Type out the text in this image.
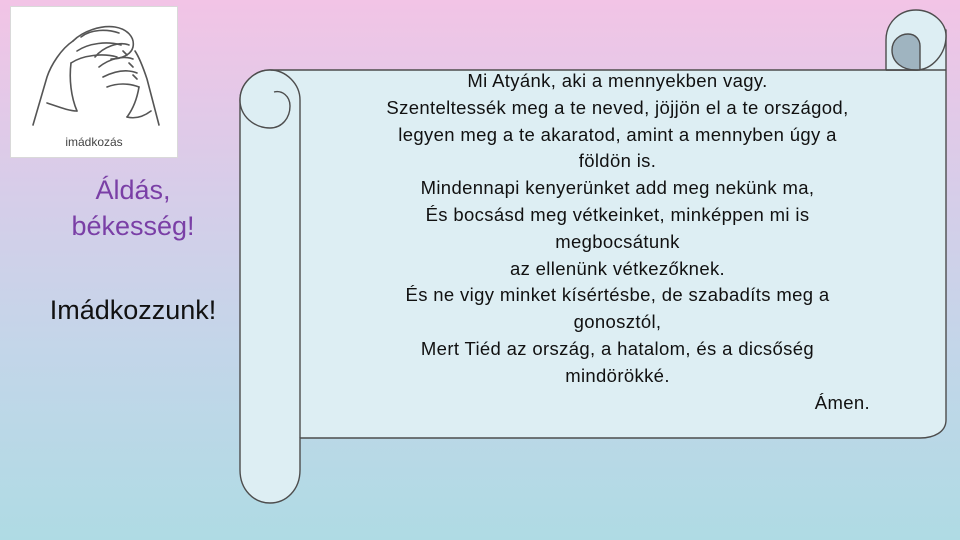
imádkozás
Áldás,
békesség!
Imádkozzunk!
Mi Atyánk, aki a mennyekben vagy.
Szenteltessék meg a te neved, jöjjön el a te országod,
legyen meg a te akaratod, amint a mennyben úgy a
földön is.
Mindennapi kenyerünket add meg nekünk ma,
És bocsásd meg vétkeinket, minképpen mi is
megbocsátunk
az ellenünk vétkezőknek.
És ne vigy minket kísértésbe, de szabadíts meg a
gonosztól,
Mert Tiéd az ország, a hatalom, és a dicsőség
mindörökké.
Ámen.
